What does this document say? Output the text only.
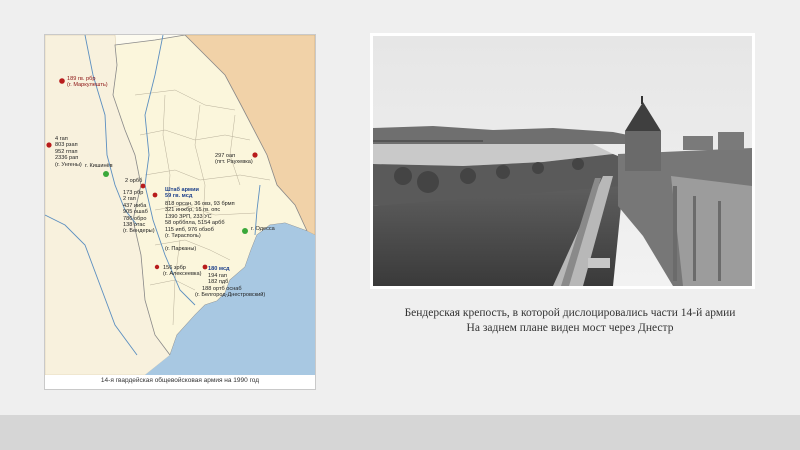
189 гв. рбр
(г. Маркулешть)
4 гап
803 рзап
952 птап
2336 рап
(г. Унгены) г. Кишинёв
297 оап
(пгт. Раухевка)
2 орбб
Штаб армии
59 гв. мсд
818 орсан, 36 овз, 93 брмп
321 инжбр, 15 гв. опс
1390 ЗРП, 233 УС
58 орббпла, 5154 арбб
115 ипб, 976 обзоб
(г. Тирасполь)
173 рбр
2 гап
437 ииба
905 ошаб
786 обро
138 отас
(г. Бендеры)	г. Одесса
156 зрбр
(г. Алексеевка)
180 мсд
194 гап
182 пдб
188 ортб оснаб
(г. Белгород-Днестровский)
(г. Парканы)
14-я гвардейская общевойсковая армия на 1990 год
Бендерская крепость, в которой дислоцировались части 14-й армии
На заднем плане виден мост через Днестр
